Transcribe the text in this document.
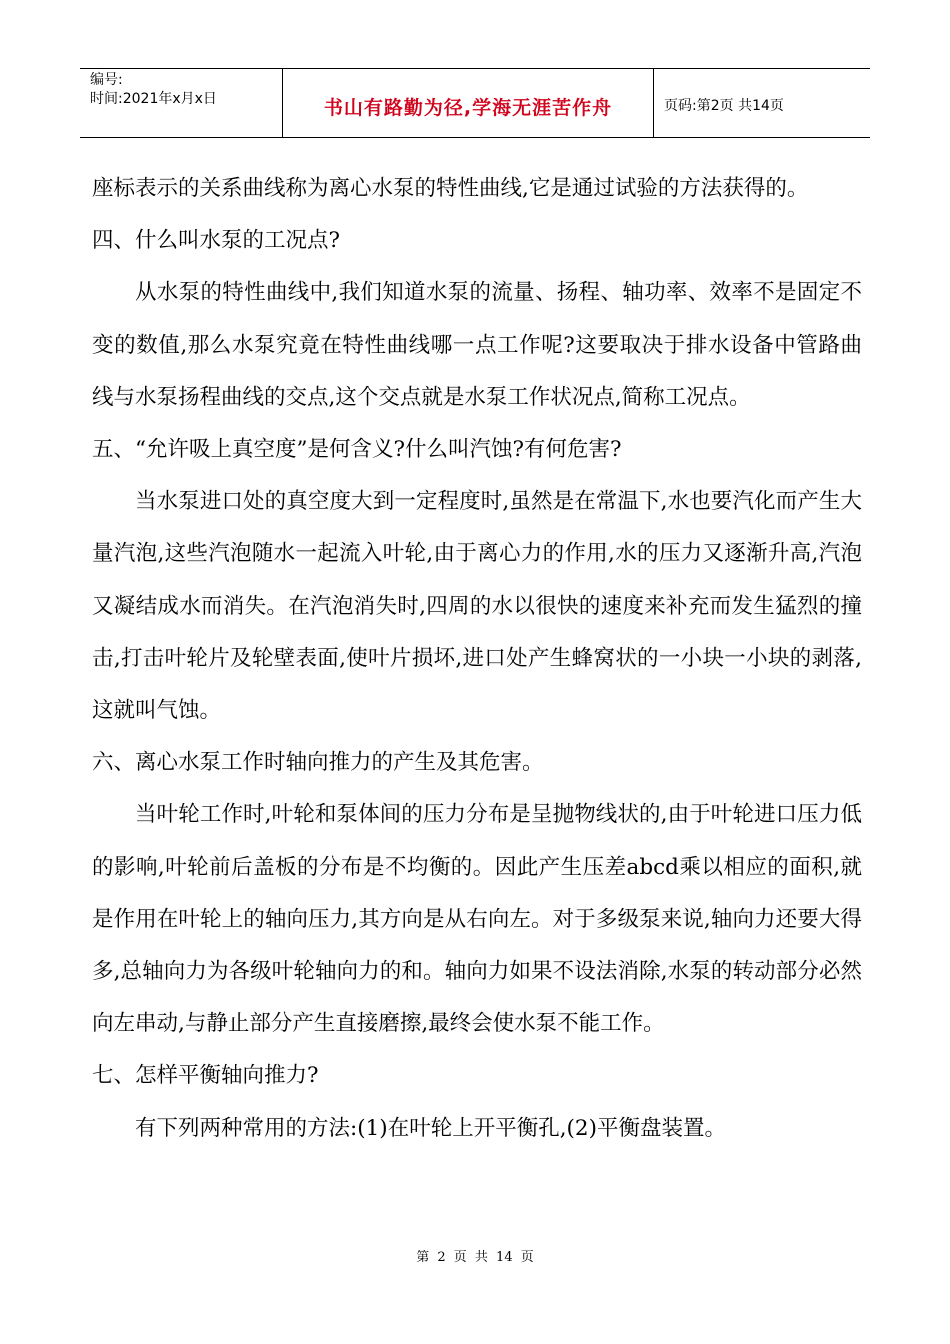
编号:
时间:2021年x月x日	书山有路勤为径,学海无涯苦作舟	页码:第2页 共14页

座标表示的关系曲线称为离心水泵的特性曲线,它是通过试验的方法获得的。

四、什么叫水泵的工况点?

从水泵的特性曲线中,我们知道水泵的流量、扬程、轴功率、效率不是固定不变的数值,那么水泵究竟在特性曲线哪一点工作呢?这要取决于排水设备中管路曲线与水泵扬程曲线的交点,这个交点就是水泵工作状况点,简称工况点。

五、“允许吸上真空度”是何含义?什么叫汽蚀?有何危害?

当水泵进口处的真空度大到一定程度时,虽然是在常温下,水也要汽化而产生大量汽泡,这些汽泡随水一起流入叶轮,由于离心力的作用,水的压力又逐渐升高,汽泡又凝结成水而消失。在汽泡消失时,四周的水以很快的速度来补充而发生猛烈的撞击,打击叶轮片及轮壁表面,使叶片损坏,进口处产生蜂窝状的一小块一小块的剥落,这就叫气蚀。

六、离心水泵工作时轴向推力的产生及其危害。

当叶轮工作时,叶轮和泵体间的压力分布是呈抛物线状的,由于叶轮进口压力低的影响,叶轮前后盖板的分布是不均衡的。因此产生压差abcd乘以相应的面积,就是作用在叶轮上的轴向压力,其方向是从右向左。对于多级泵来说,轴向力还要大得多,总轴向力为各级叶轮轴向力的和。轴向力如果不设法消除,水泵的转动部分必然向左串动,与静止部分产生直接磨擦,最终会使水泵不能工作。

七、怎样平衡轴向推力?

有下列两种常用的方法:(1)在叶轮上开平衡孔,(2)平衡盘装置。

第 2 页 共 14 页
